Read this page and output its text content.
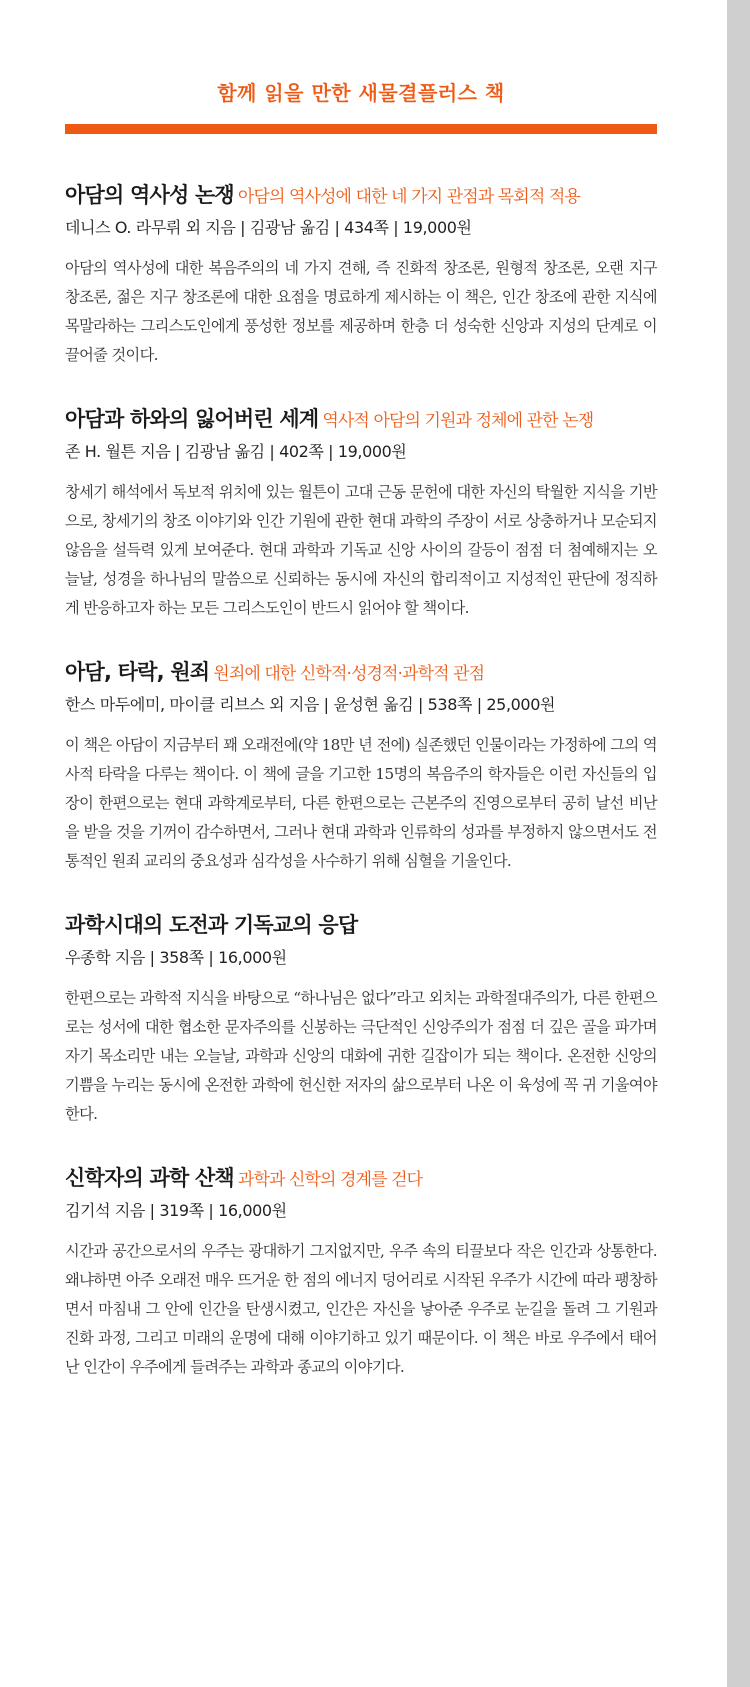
함께 읽을 만한 새물결플러스 책
아담의 역사성 논쟁 아담의 역사성에 대한 네 가지 관점과 목회적 적용
데니스 O. 라무뤼 외 지음 | 김광남 옮김 | 434쪽 | 19,000원

아담의 역사성에 대한 복음주의의 네 가지 견해, 즉 진화적 창조론, 원형적 창조론, 오랜 지구 창조론, 젊은 지구 창조론에 대한 요점을 명료하게 제시하는 이 책은, 인간 창조에 관한 지식에 목말라하는 그리스도인에게 풍성한 정보를 제공하며 한층 더 성숙한 신앙과 지성의 단계로 이끌어줄 것이다.

아담과 하와의 잃어버린 세계 역사적 아담의 기원과 정체에 관한 논쟁
존 H. 월튼 지음 | 김광남 옮김 | 402쪽 | 19,000원

창세기 해석에서 독보적 위치에 있는 월튼이 고대 근동 문헌에 대한 자신의 탁월한 지식을 기반으로, 창세기의 창조 이야기와 인간 기원에 관한 현대 과학의 주장이 서로 상충하거나 모순되지 않음을 설득력 있게 보여준다. 현대 과학과 기독교 신앙 사이의 갈등이 점점 더 첨예해지는 오늘날, 성경을 하나님의 말씀으로 신뢰하는 동시에 자신의 합리적이고 지성적인 판단에 정직하게 반응하고자 하는 모든 그리스도인이 반드시 읽어야 할 책이다.

아담, 타락, 원죄 원죄에 대한 신학적·성경적·과학적 관점
한스 마두에미, 마이클 리브스 외 지음 | 윤성현 옮김 | 538쪽 | 25,000원

이 책은 아담이 지금부터 꽤 오래전에(약 18만 년 전에) 실존했던 인물이라는 가정하에 그의 역사적 타락을 다루는 책이다. 이 책에 글을 기고한 15명의 복음주의 학자들은 이런 자신들의 입장이 한편으로는 현대 과학계로부터, 다른 한편으로는 근본주의 진영으로부터 공히 날선 비난을 받을 것을 기꺼이 감수하면서, 그러나 현대 과학과 인류학의 성과를 부정하지 않으면서도 전통적인 원죄 교리의 중요성과 심각성을 사수하기 위해 심혈을 기울인다.

과학시대의 도전과 기독교의 응답
우종학 지음 | 358쪽 | 16,000원

한편으로는 과학적 지식을 바탕으로 “하나님은 없다”라고 외치는 과학절대주의가, 다른 한편으로는 성서에 대한 협소한 문자주의를 신봉하는 극단적인 신앙주의가 점점 더 깊은 골을 파가며 자기 목소리만 내는 오늘날, 과학과 신앙의 대화에 귀한 길잡이가 되는 책이다. 온전한 신앙의 기쁨을 누리는 동시에 온전한 과학에 헌신한 저자의 삶으로부터 나온 이 육성에 꼭 귀 기울여야 한다.

신학자의 과학 산책 과학과 신학의 경계를 걷다
김기석 지음 | 319쪽 | 16,000원

시간과 공간으로서의 우주는 광대하기 그지없지만, 우주 속의 티끌보다 작은 인간과 상통한다. 왜냐하면 아주 오래전 매우 뜨거운 한 점의 에너지 덩어리로 시작된 우주가 시간에 따라 팽창하면서 마침내 그 안에 인간을 탄생시켰고, 인간은 자신을 낳아준 우주로 눈길을 돌려 그 기원과 진화 과정, 그리고 미래의 운명에 대해 이야기하고 있기 때문이다. 이 책은 바로 우주에서 태어난 인간이 우주에게 들려주는 과학과 종교의 이야기다.
